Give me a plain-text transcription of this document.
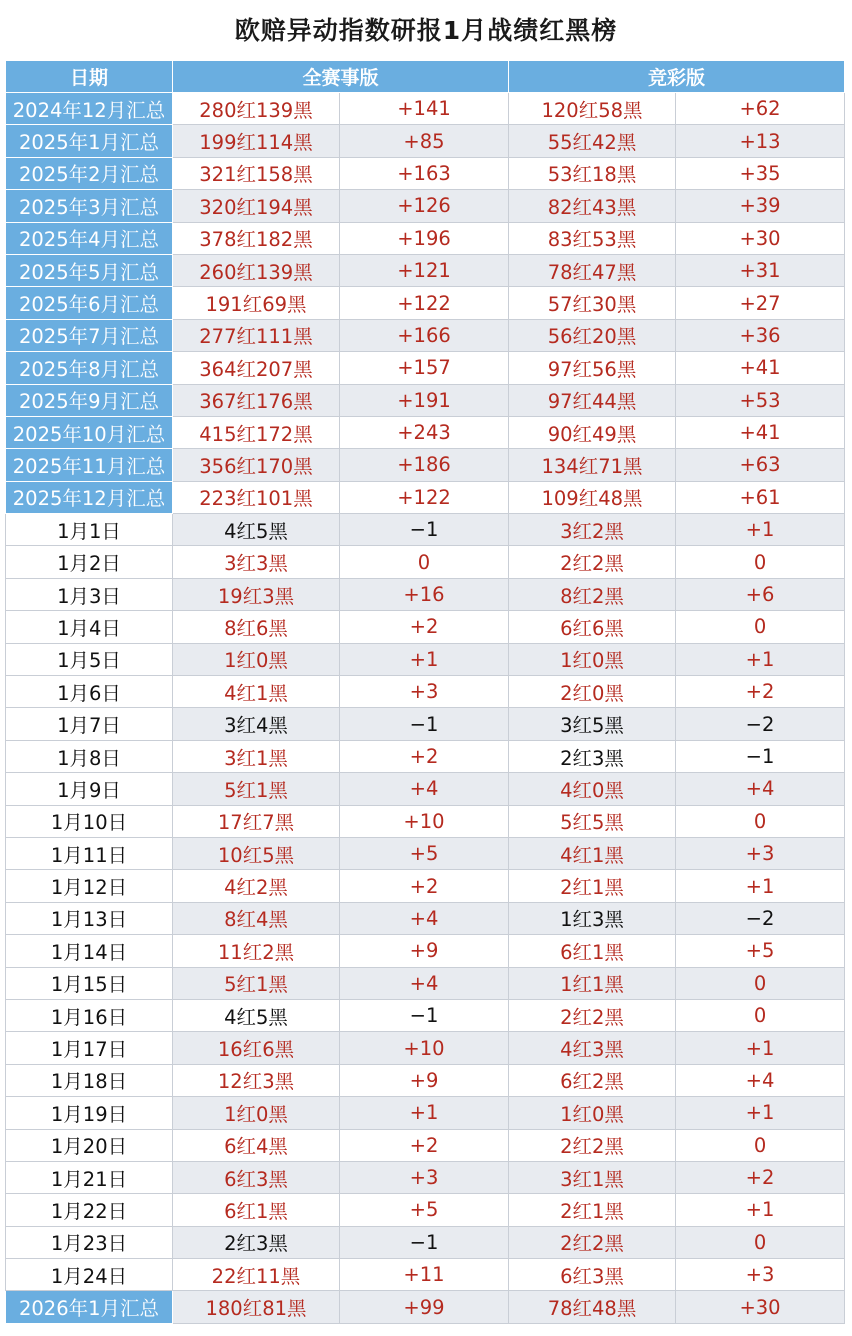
欧赔异动指数研报1月战绩红黑榜
日期	全赛事版		竞彩版	
2024年12月汇总	280红139黑	+141	120红58黑	+62
2025年1月汇总	199红114黑	+85	55红42黑	+13
2025年2月汇总	321红158黑	+163	53红18黑	+35
2025年3月汇总	320红194黑	+126	82红43黑	+39
2025年4月汇总	378红182黑	+196	83红53黑	+30
2025年5月汇总	260红139黑	+121	78红47黑	+31
2025年6月汇总	191红69黑	+122	57红30黑	+27
2025年7月汇总	277红111黑	+166	56红20黑	+36
2025年8月汇总	364红207黑	+157	97红56黑	+41
2025年9月汇总	367红176黑	+191	97红44黑	+53
2025年10月汇总	415红172黑	+243	90红49黑	+41
2025年11月汇总	356红170黑	+186	134红71黑	+63
2025年12月汇总	223红101黑	+122	109红48黑	+61
1月1日	4红5黑	−1	3红2黑	+1
1月2日	3红3黑	0	2红2黑	0
1月3日	19红3黑	+16	8红2黑	+6
1月4日	8红6黑	+2	6红6黑	0
1月5日	1红0黑	+1	1红0黑	+1
1月6日	4红1黑	+3	2红0黑	+2
1月7日	3红4黑	−1	3红5黑	−2
1月8日	3红1黑	+2	2红3黑	−1
1月9日	5红1黑	+4	4红0黑	+4
1月10日	17红7黑	+10	5红5黑	0
1月11日	10红5黑	+5	4红1黑	+3
1月12日	4红2黑	+2	2红1黑	+1
1月13日	8红4黑	+4	1红3黑	−2
1月14日	11红2黑	+9	6红1黑	+5
1月15日	5红1黑	+4	1红1黑	0
1月16日	4红5黑	−1	2红2黑	0
1月17日	16红6黑	+10	4红3黑	+1
1月18日	12红3黑	+9	6红2黑	+4
1月19日	1红0黑	+1	1红0黑	+1
1月20日	6红4黑	+2	2红2黑	0
1月21日	6红3黑	+3	3红1黑	+2
1月22日	6红1黑	+5	2红1黑	+1
1月23日	2红3黑	−1	2红2黑	0
1月24日	22红11黑	+11	6红3黑	+3
2026年1月汇总	180红81黑	+99	78红48黑	+30
